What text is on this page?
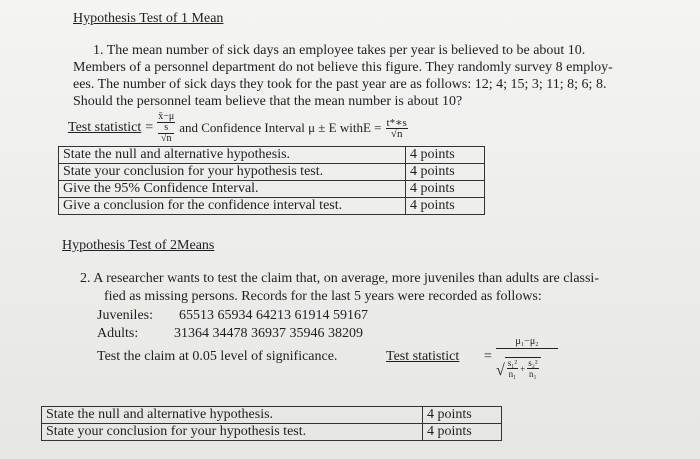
Hypothesis Test of 1 Mean
1. The mean number of sick days an employee takes per year is believed to be about 10.
Members of a personnel department do not believe this figure. They randomly survey 8 employ-
ees. The number of sick days they took for the past year are as follows: 12; 4; 15; 3; 11; 8; 6; 8.
Should the personnel team believe that the mean number is about 10?
Test statistict = x̄−μ
s
√n and Confidence Interval μ ± E withE = $\frac{t*∗s}{√n}$
State the null and alternative hypothesis.	4 points
State your conclusion for your hypothesis test.	4 points
Give the 95% Confidence Interval.	4 points
Give a conclusion for the confidence interval test.	4 points
Hypothesis Test of 2Means
2. A researcher wants to test the claim that, on average, more juveniles than adults are classi-
fied as missing persons. Records for the last 5 years were recorded as follows:
Juveniles: 65513 65934 64213 61914 59167
Adults:	31364 34478 36937 35946 38209
Test the claim at 0.05 level of significance.	Test statistict =
μ₁−μ₂
√ $\frac{\text{s₁²}}{\text{n₁}} + \frac{\text{s₂²}}{\text{n₁}}$
State the null and alternative hypothesis.	4 points
State your conclusion for your hypothesis test.	4 points
